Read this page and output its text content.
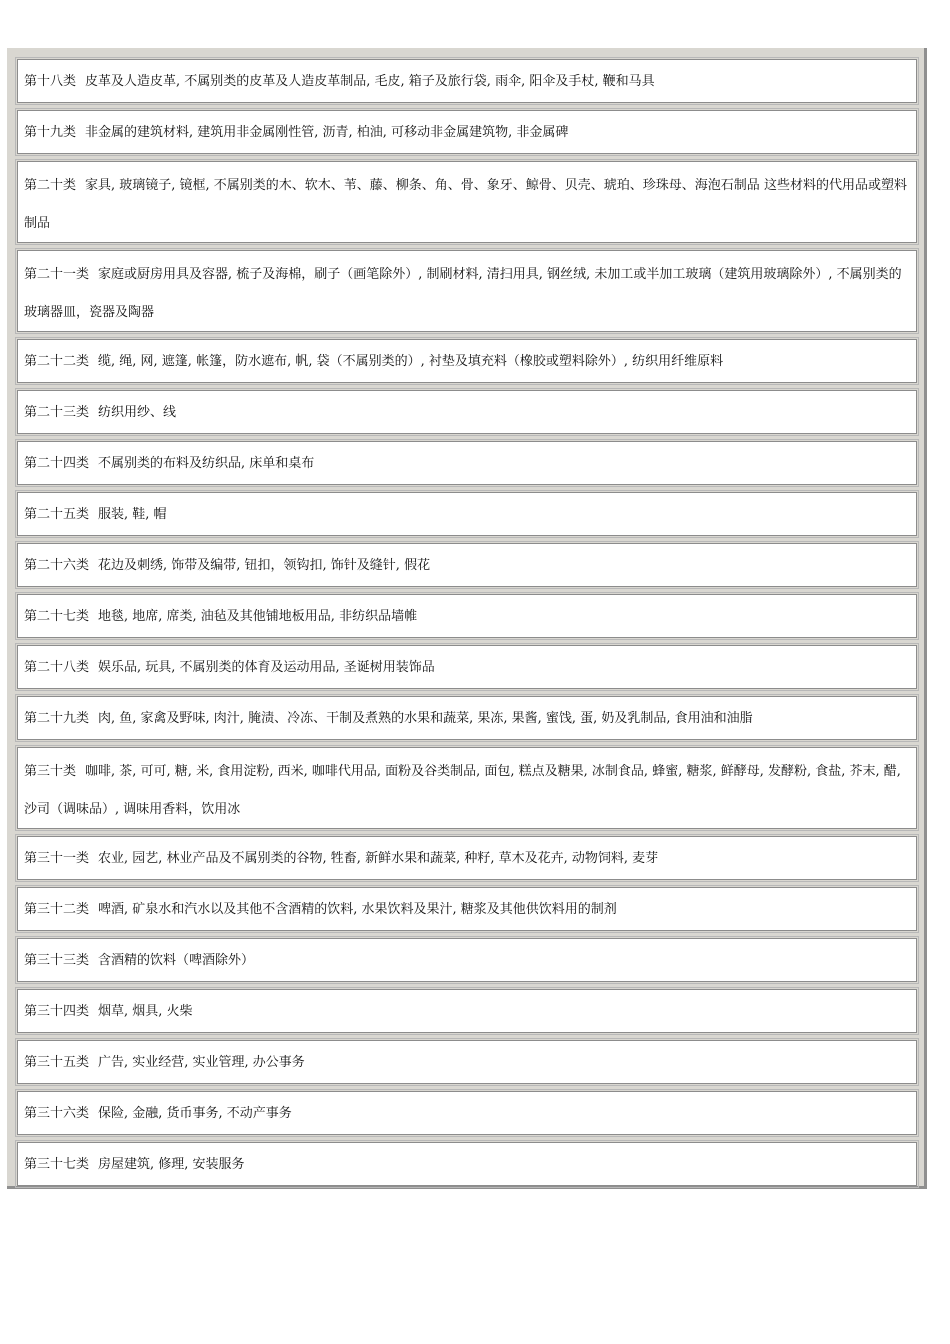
第十八类 皮革及人造皮革, 不属别类的皮革及人造皮革制品, 毛皮, 箱子及旅行袋, 雨伞, 阳伞及手杖, 鞭和马具
第十九类 非金属的建筑材料, 建筑用非金属刚性管, 沥青, 柏油, 可移动非金属建筑物, 非金属碑
第二十类 家具, 玻璃镜子, 镜框, 不属别类的木、软木、苇、藤、柳条、角、骨、象牙、鲸骨、贝壳、琥珀、珍珠母、海泡石制品 这些材料的代用品或塑料制品
第二十一类 家庭或厨房用具及容器, 梳子及海棉，刷子（画笔除外）, 制刷材料, 清扫用具, 钢丝绒, 未加工或半加工玻璃（建筑用玻璃除外）, 不属别类的玻璃器皿，瓷器及陶器
第二十二类 缆, 绳, 网, 遮篷, 帐篷，防水遮布, 帆, 袋（不属别类的）, 衬垫及填充料（橡胶或塑料除外）, 纺织用纤维原料
第二十三类 纺织用纱、线
第二十四类 不属别类的布料及纺织品, 床单和桌布
第二十五类 服装, 鞋, 帽
第二十六类 花边及刺绣, 饰带及编带, 钮扣，领钩扣, 饰针及缝针, 假花
第二十七类 地毯, 地席, 席类, 油毡及其他铺地板用品, 非纺织品墙帷
第二十八类 娱乐品, 玩具, 不属别类的体育及运动用品, 圣诞树用装饰品
第二十九类 肉, 鱼, 家禽及野味, 肉汁, 腌渍、冷冻、干制及煮熟的水果和蔬菜, 果冻, 果酱, 蜜饯, 蛋, 奶及乳制品, 食用油和油脂
第三十类 咖啡, 茶, 可可, 糖, 米, 食用淀粉, 西米, 咖啡代用品, 面粉及谷类制品, 面包, 糕点及糖果, 冰制食品, 蜂蜜, 糖浆, 鲜酵母, 发酵粉, 食盐, 芥末, 醋, 沙司（调味品）, 调味用香料，饮用冰
第三十一类 农业, 园艺, 林业产品及不属别类的谷物, 牲畜, 新鲜水果和蔬菜, 种籽, 草木及花卉, 动物饲料, 麦芽
第三十二类 啤酒, 矿泉水和汽水以及其他不含酒精的饮料, 水果饮料及果汁, 糖浆及其他供饮料用的制剂
第三十三类 含酒精的饮料（啤酒除外）
第三十四类 烟草, 烟具, 火柴
第三十五类 广告, 实业经营, 实业管理, 办公事务
第三十六类 保险, 金融, 货币事务, 不动产事务
第三十七类 房屋建筑, 修理, 安装服务
